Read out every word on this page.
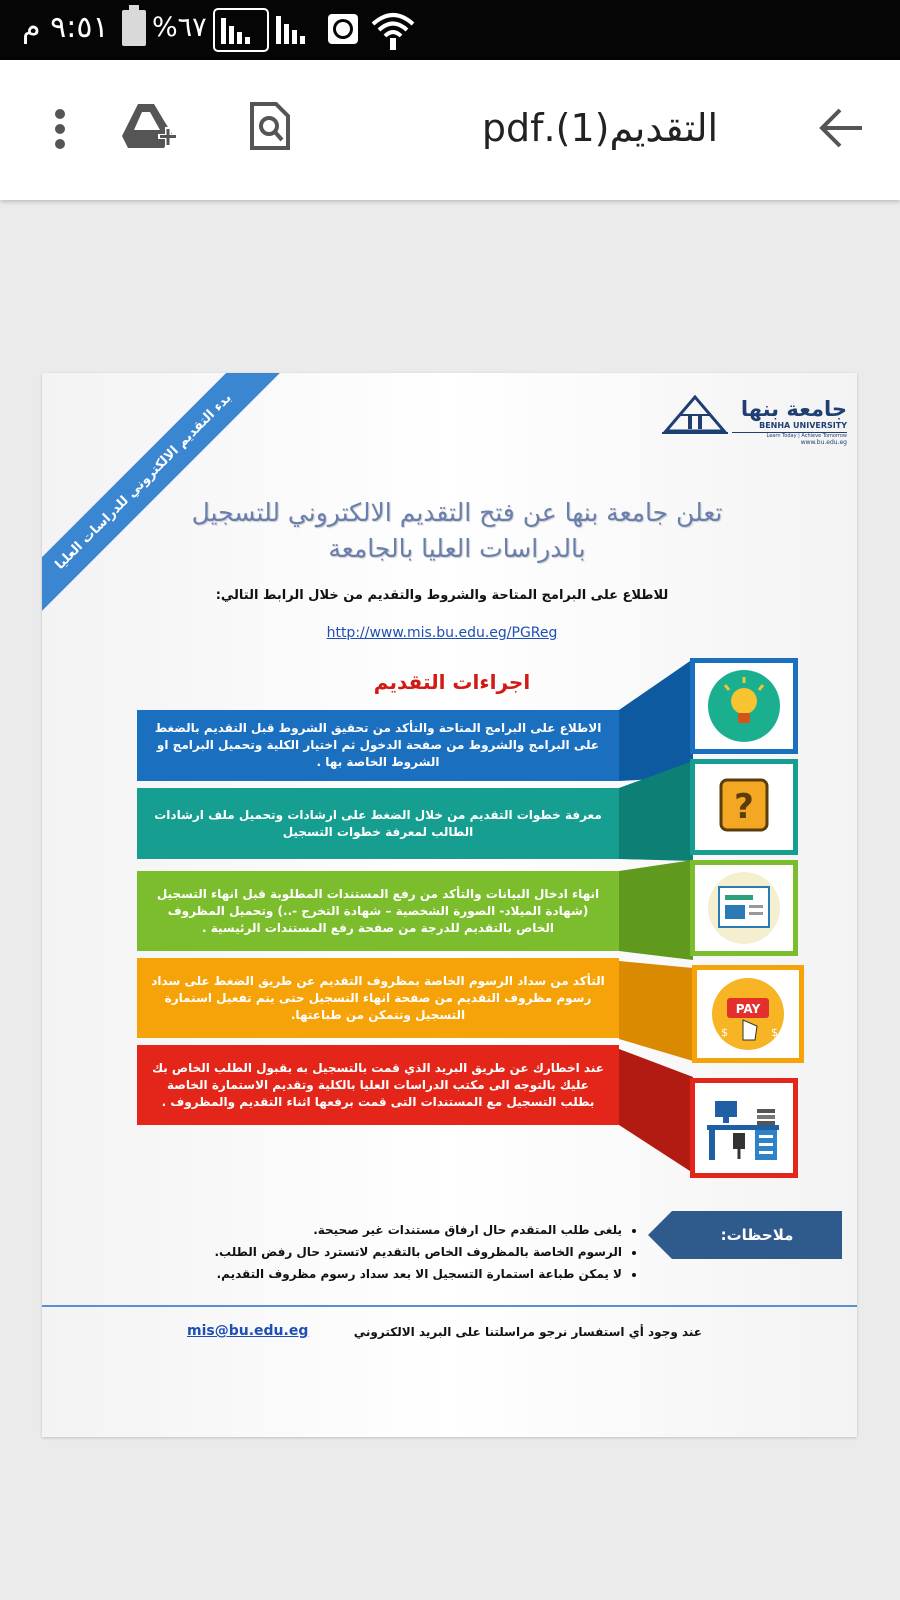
٩:٥١ م %٦٧
التقديم(1).pdf
بدء التقديم الالكتروني للدراسات العليا	جامعة بنها
BENHA UNIVERSITY
Learn Today | Achieve Tomorrow
www.bu.edu.eg
تعلن جامعة بنها عن فتح التقديم الالكتروني للتسجيل بالدراسات العليا بالجامعة
للاطلاع على البرامج المتاحة والشروط والتقديم من خلال الرابط التالي:
http://www.mis.bu.edu.eg/PGReg
اجراءات التقديم
الاطلاع على البرامج المتاحة والتأكد من تحقيق الشروط قبل التقديم بالضغط على البرامج والشروط من صفحة الدخول ثم اختيار الكلية وتحميل البرامج او الشروط الخاصة بها .
معرفة خطوات التقديم من خلال الضغط على ارشادات وتحميل ملف ارشادات الطالب لمعرفة خطوات التسجيل
?
انهاء ادخال البيانات والتأكد من رفع المستندات المطلوبة قبل انهاء التسجيل (شهادة الميلاد- الصورة الشخصية – شهادة التخرج -..) وتحميل المظروف الخاص بالتقديم للدرجة من صفحة رفع المستندات الرئيسية .
التأكد من سداد الرسوم الخاصة بمظروف التقديم عن طريق الضغط على سداد رسوم مظروف التقديم من صفحة انهاء التسجيل حتى يتم تفعيل استمارة التسجيل وتتمكن من طباعتها.	PAY
$	$
عند اخطارك عن طريق البريد الذي قمت بالتسجيل به بقبول الطلب الخاص بك عليك بالتوجه الى مكتب الدراسات العليا بالكلية وتقديم الاستمارة الخاصة بطلب التسجيل مع المستندات التى قمت برفعها اثناء التقديم والمظروف .
ملاحظات:
• يلغى طلب المتقدم حال ارفاق مستندات غير صحيحة.
• الرسوم الخاصة بالمظروف الخاص بالتقديم لاتسترد حال رفض الطلب.
• لا يمكن طباعة استمارة التسجيل الا بعد سداد رسوم مظروف التقديم.
عند وجود أي استفسار نرجو مراسلتنا على البريد الالكتروني
mis@bu.edu.eg
